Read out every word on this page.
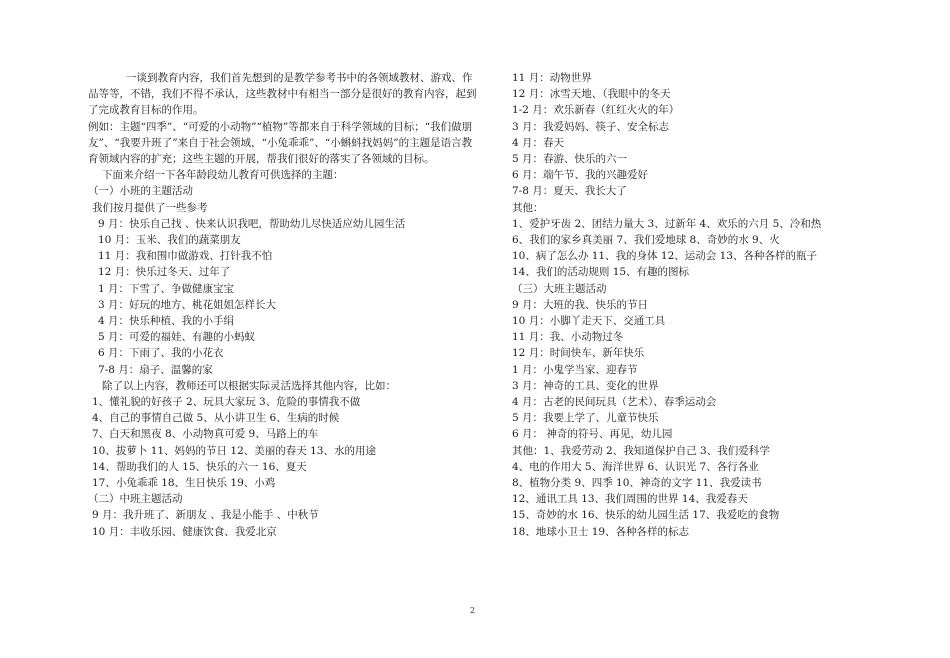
一谈到教育内容，我们首先想到的是教学参考书中的各领域教材、游戏、作品等等，不错，我们不得不承认，这些教材中有相当一部分是很好的教育内容，起到了完成教育目标的作用。
例如：主题“四季”、“可爱的小动物”“植物”等都来自于科学领域的目标；“我们做朋友”、“我要升班了”来自于社会领域，“小兔乖乖”、“小蝌蚪找妈妈”的主题是语言教育领域内容的扩充；这些主题的开展，帮我们很好的落实了各领域的目标。
下面来介绍一下各年龄段幼儿教育可供选择的主题：
（一）小班的主题活动
我们按月提供了一些参考
9 月：快乐自己找 、快来认识我吧，帮助幼儿尽快适应幼儿园生活
10 月：玉米、我们的蔬菜朋友
11 月：我和围巾做游戏、打针我不怕
12 月：快乐过冬天、过年了
1 月：下雪了、争做健康宝宝
3 月：好玩的地方、桃花姐姐怎样长大
4 月：快乐种植、我的小手绢
5 月：可爱的福娃、有趣的小蚂蚁
6 月：下雨了、我的小花衣
7-8 月：扇子、温馨的家
除了以上内容，教师还可以根据实际灵活选择其他内容，比如：
1、懂礼貌的好孩子 2、玩具大家玩 3、危险的事情我不做
4、自己的事情自己做 5、从小讲卫生 6、生病的时候
7、白天和黑夜 8、小动物真可爱 9、马路上的车
10、拔萝卜 11、妈妈的节日 12、美丽的春天 13、水的用途
14、帮助我们的人 15、快乐的六一 16、夏天
17、小兔乖乖 18、生日快乐 19、小鸡
（二）中班主题活动
9 月：我升班了、新朋友 、我是小能手 、中秋节
10 月：丰收乐园、健康饮食、我爱北京
11 月：动物世界
12 月：冰雪天地、（我眼中的冬天
1-2 月：欢乐新春（红红火火的年）
3 月：我爱妈妈、筷子、安全标志
4 月：春天
5 月：春游、快乐的六一
6 月：端午节、我的兴趣爱好
7-8 月：夏天、我长大了
其他：
1、爱护牙齿 2、团结力量大 3、过新年 4、欢乐的六月 5、冷和热
6、我们的家乡真美丽 7、我们爱地球 8、奇妙的水 9、火
10、病了怎么办 11、我的身体 12、运动会 13、各种各样的瓶子
14、我们的活动规则 15、有趣的图标
（三）大班主题活动
9 月：大班的我、快乐的节日
10 月：小脚丫走天下、交通工具
11 月：我、小动物过冬
12 月：时间快车、新年快乐
1 月：小鬼学当家、迎春节
3 月：神奇的工具、变化的世界
4 月：古老的民间玩具（艺术）、春季运动会
5 月：我要上学了、儿童节快乐
6 月： 神奇的符号、再见，幼儿园
其他：1、我爱劳动 2、我知道保护自己 3、我们爱科学
4、电的作用大 5、海洋世界 6、认识光 7、各行各业
8、植物分类 9、四季 10、神奇的文字 11、我爱读书
12、通讯工具 13、我们周围的世界 14、我爱春天
15、奇妙的水 16、快乐的幼儿园生活 17、我爱吃的食物
18、地球小卫士 19、各种各样的标志
2
